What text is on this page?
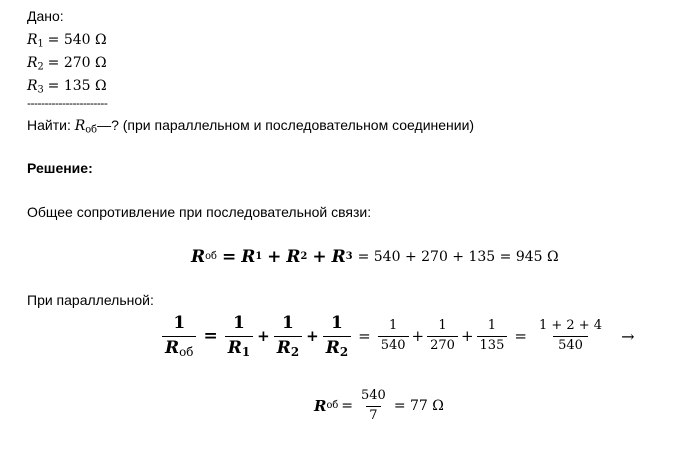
Дано:
$R_1 = 540$ Ω
$R_2 = 270$ Ω
$R_3 = 135$ Ω
-----------------------
Найти: $R_{об}—$? (при параллельном и последовательном соединении)
Решение:
Общее сопротивление при последовательной связи:
R об = R 1 + R 2 + R 3 = 540 + 270 + 135 = 945 Ω
При параллельной:
$\frac{1}{R_{об}} = \frac{1}{R_1} + \frac{1}{R_2} + \frac{1}{R_2} = \frac{1}{540} + \frac{1}{270} + \frac{1}{135} = \frac{1 + 2 + 4}{540}$ →
R об = $\frac{540}{7} = 77$ Ω
